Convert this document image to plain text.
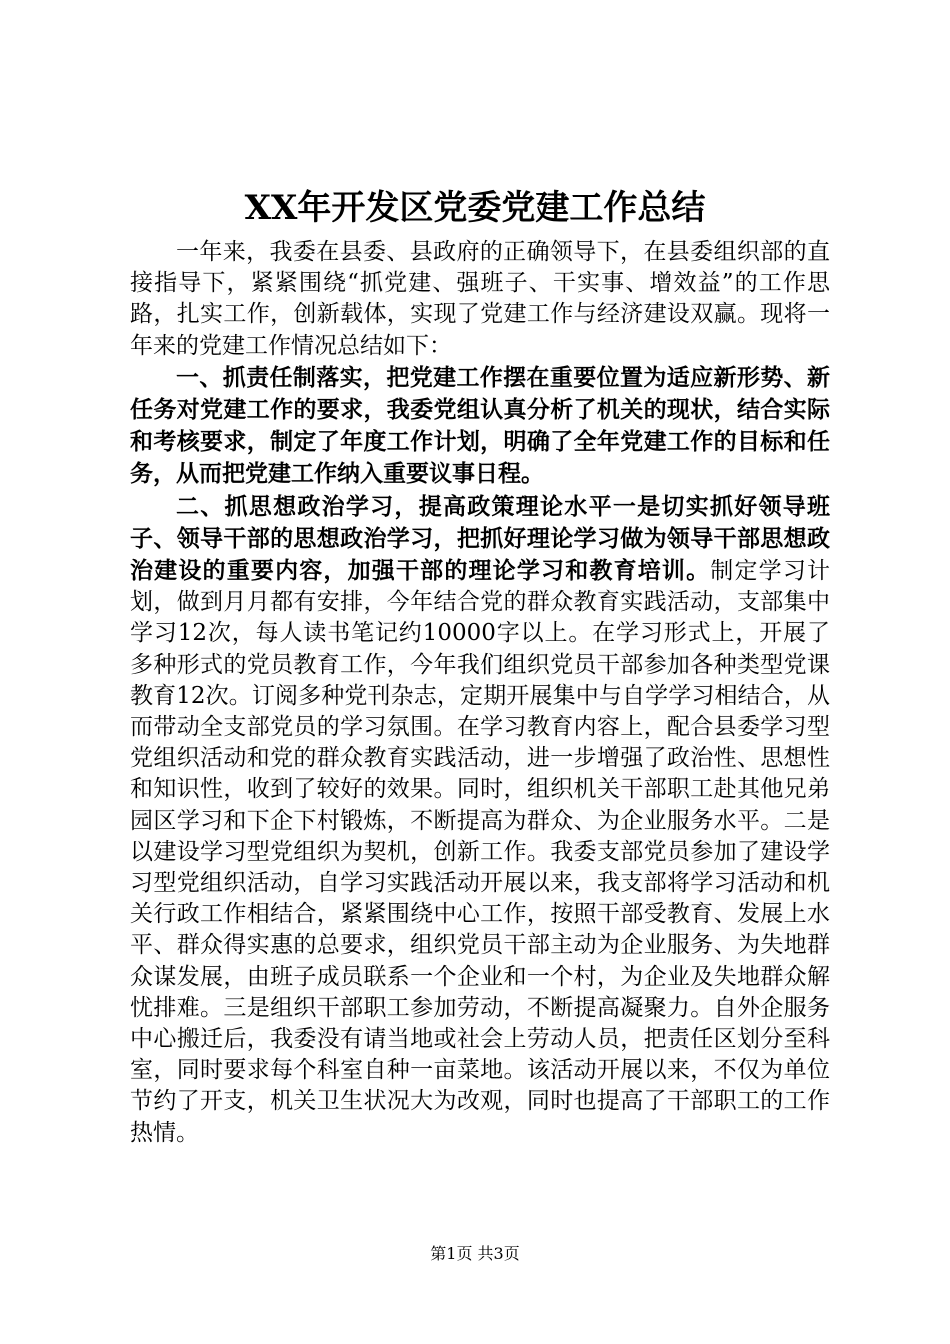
XX年开发区党委党建工作总结

一年来，我委在县委、县政府的正确领导下，在县委组织部的直接指导下，紧紧围绕“抓党建、强班子、干实事、增效益”的工作思路，扎实工作，创新载体，实现了党建工作与经济建设双赢。现将一年来的党建工作情况总结如下：

一、抓责任制落实，把党建工作摆在重要位置为适应新形势、新任务对党建工作的要求，我委党组认真分析了机关的现状，结合实际和考核要求，制定了年度工作计划，明确了全年党建工作的目标和任务，从而把党建工作纳入重要议事日程。

二、抓思想政治学习，提高政策理论水平一是切实抓好领导班子、领导干部的思想政治学习，把抓好理论学习做为领导干部思想政治建设的重要内容，加强干部的理论学习和教育培训。制定学习计划，做到月月都有安排，今年结合党的群众教育实践活动，支部集中学习12次，每人读书笔记约10000字以上。在学习形式上，开展了多种形式的党员教育工作，今年我们组织党员干部参加各种类型党课教育12次。订阅多种党刊杂志，定期开展集中与自学学习相结合，从而带动全支部党员的学习氛围。在学习教育内容上，配合县委学习型党组织活动和党的群众教育实践活动，进一步增强了政治性、思想性和知识性，收到了较好的效果。同时，组织机关干部职工赴其他兄弟园区学习和下企下村锻炼，不断提高为群众、为企业服务水平。二是以建设学习型党组织为契机，创新工作。我委支部党员参加了建设学习型党组织活动，自学习实践活动开展以来，我支部将学习活动和机关行政工作相结合，紧紧围绕中心工作，按照干部受教育、发展上水平、群众得实惠的总要求，组织党员干部主动为企业服务、为失地群众谋发展，由班子成员联系一个企业和一个村，为企业及失地群众解忧排难。三是组织干部职工参加劳动，不断提高凝聚力。自外企服务中心搬迁后，我委没有请当地或社会上劳动人员，把责任区划分至科室，同时要求每个科室自种一亩菜地。该活动开展以来，不仅为单位节约了开支，机关卫生状况大为改观，同时也提高了干部职工的工作热情。

第1页 共3页
